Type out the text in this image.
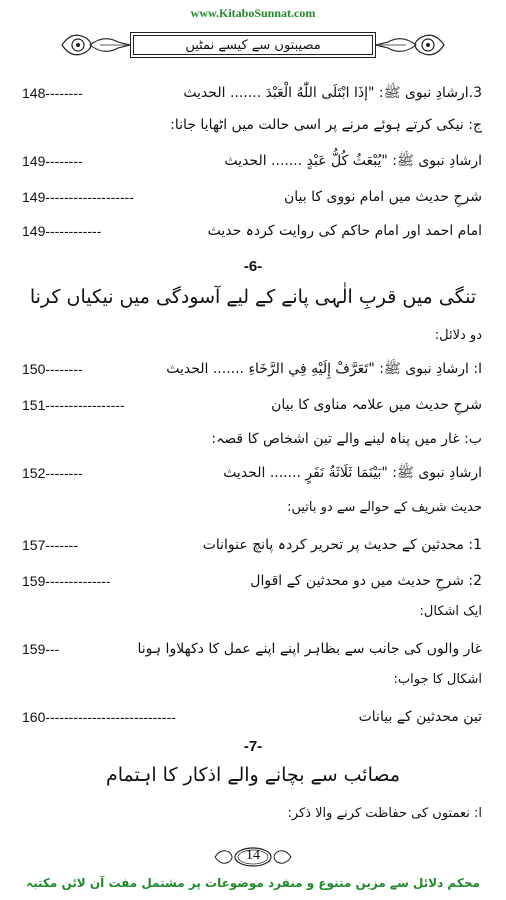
www.KitaboSunnat.com
مصیبتوں سے کیسے نمٹیں
3.ارشادِ نبوی ﷺ: "إذَا ابْتَلَى اللّٰهُ الْعَبْدَ ....... الحدیث
148--------
ج: نیکی کرتے ہوئے مرنے پر اسی حالت میں اٹھایا جانا:
ارشادِ نبوی ﷺ: "یُبْعَثُ كُلُّ عَبْدٍ ....... الحدیث
149--------
شرحِ حدیث میں امام نووی کا بیان
149-------------------
امام احمد اور امام حاکم کی روایت کردہ حدیث
149------------
-6-
تنگی میں قربِ الٰہی پانے کے لیے آسودگی میں نیکیاں کرنا
دو دلائل:
ا: ارشادِ نبوی ﷺ: "تَعَرَّفْ إِلَيْهِ فِي الرَّخَاءِ ....... الحدیث
150--------
شرحِ حدیث میں علامہ مناوی کا بیان
151-----------------
ب: غار میں پناہ لینے والے تین اشخاص کا قصہ:
ارشادِ نبوی ﷺ: "بَيْنَمَا ثَلَاثَةُ نَفَرٍ ....... الحدیث
152--------
حدیث شریف کے حوالے سے دو باتیں:
1: محدثین کے حدیث پر تحریر کردہ پانچ عنوانات
157-------
2: شرحِ حدیث میں دو محدثین کے اقوال
159--------------
ایک اشکال:
غار والوں کی جانب سے بظاہر اپنے اپنے عمل کا دکھلاوا ہونا
159---
اشکال کا جواب:
تین محدثین کے بیانات
160----------------------------
-7-
مصائب سے بچانے والے اذکار کا اہتمام
ا: نعمتوں کی حفاظت کرنے والا ذکر:
14
محکم دلائل سے مزین متنوع و منفرد موضوعات پر مشتمل مفت آن لائن مکتبہ
